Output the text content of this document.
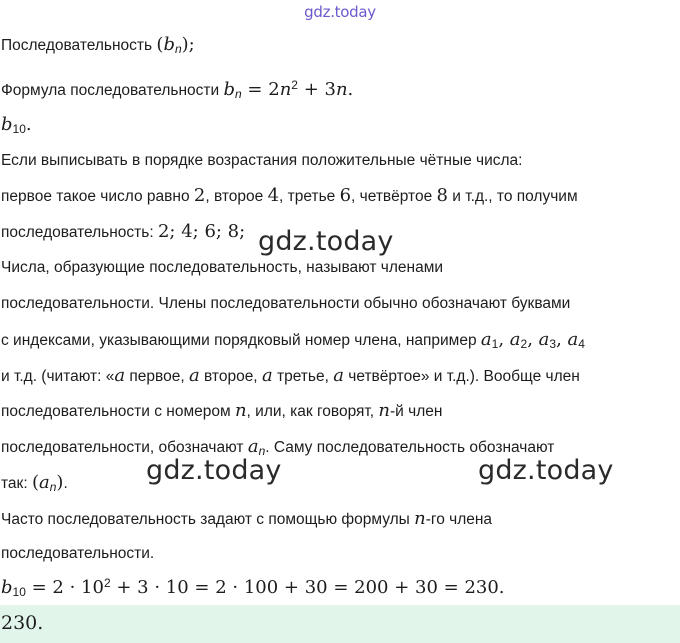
gdz.today
Последовательность $(b_n)$;
Формула последовательности $b_n = 2n^2 + 3n$.
$b_{10}$.
Если выписывать в порядке возрастания положительные чётные числа:
первое такое число равно 2, второе 4, третье 6, четвёртое 8 и т.д., то получим
последовательность: 2; 4; 6; 8;
Числа, образующие последовательность, называют членами
последовательности. Члены последовательности обычно обозначают буквами
с индексами, указывающими порядковый номер члена, например $a_1$, $a_2$, $a_3$, $a_4$
и т.д. (читают: «a первое, a второе, a третье, a четвёртое» и т.д.). Вообще член
последовательности с номером n, или, как говорят, n-й член
последовательности, обозначают $a_n$. Саму последовательность обозначают
так: $(a_n)$.
Часто последовательность задают с помощью формулы n-го члена
последовательности.
$b_{10} = 2 \cdot 10^2 + 3 \cdot 10 = 2 \cdot 100 + 30 = 200 + 30 = 230$.
230.
gdz.today
gdz.today	gdz.today
